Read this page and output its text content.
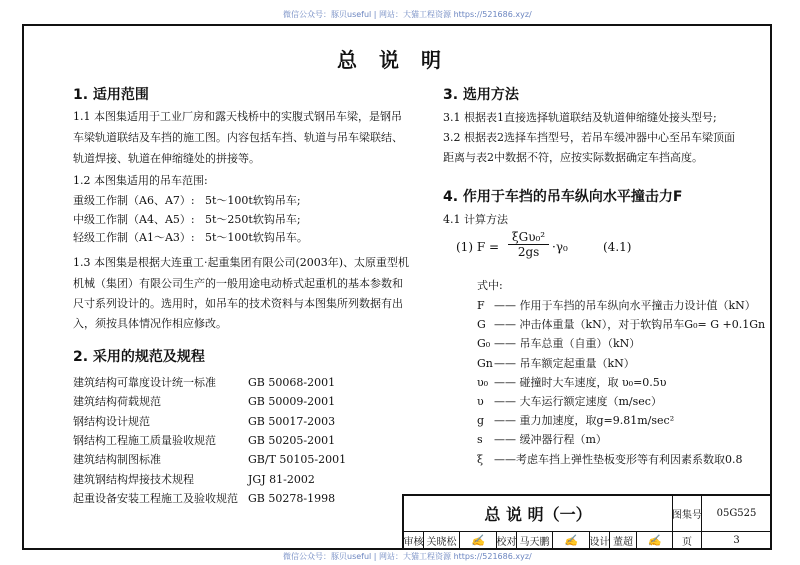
微信公众号：豚贝useful | 网站：大猫工程资源 https://521686.xyz/
微信公众号：豚贝useful | 网站：大猫工程资源 https://521686.xyz/
总说明
1. 适用范围
1.1 本图集适用于工业厂房和露天栈桥中的实腹式钢吊车梁，是钢吊
车梁轨道联结及车挡的施工图。内容包括车挡、轨道与吊车梁联结、
轨道焊接、轨道在伸缩缝处的拼接等。
1.2 本图集适用的吊车范围:
重级工作制（A6、A7）: 5t～100t软钩吊车;
中级工作制（A4、A5）: 5t～250t软钩吊车;
轻级工作制（A1～A3）: 5t～100t软钩吊车。
1.3 本图集是根据大连重工·起重集团有限公司(2003年)、太原重型机
机械（集团）有限公司生产的一般用途电动桥式起重机的基本参数和
尺寸系列设计的。选用时，如吊车的技术资料与本图集所列数据有出
入，须按具体情况作相应修改。
2. 采用的规范及规程
3. 选用方法
3.1 根据表1直接选择轨道联结及轨道伸缩缝处接头型号;
3.2 根据表2选择车挡型号，若吊车缓冲器中心至吊车梁顶面
距离与表2中数据不符，应按实际数据确定车挡高度。
4. 作用于车挡的吊车纵向水平撞击力F
4.1 计算方法
(1) F =
ξGυ₀²
2gs	·γ₀	(4.1)
式中:
总 说 明（一）	图集号	05G525
审核 关晓松	✍	校对 马天鹏	✍	设计 董超	✍	页	3
建筑结构可靠度设计统一标准	GB 50068-2001
建筑结构荷载规范	GB 50009-2001
钢结构设计规范	GB 50017-2003
钢结构工程施工质量验收规范	GB 50205-2001
建筑结构制图标准	GB/T 50105-2001
建筑钢结构焊接技术规程	JGJ 81-2002
起重设备安装工程施工及验收规范 GB 50278-1998
F —— 作用于车挡的吊车纵向水平撞击力设计值（kN）
G —— 冲击体重量（kN），对于软钩吊车G₀= G +0.1Gn
G₀ —— 吊车总重（自重）（kN）
Gn —— 吊车额定起重量（kN）
υ₀ —— 碰撞时大车速度，取 υ₀=0.5υ
υ —— 大车运行额定速度（m/sec）
g —— 重力加速度，取g=9.81m/sec²
s —— 缓冲器行程（m）
ξ ——考虑车挡上弹性垫板变形等有利因素系数取0.8
